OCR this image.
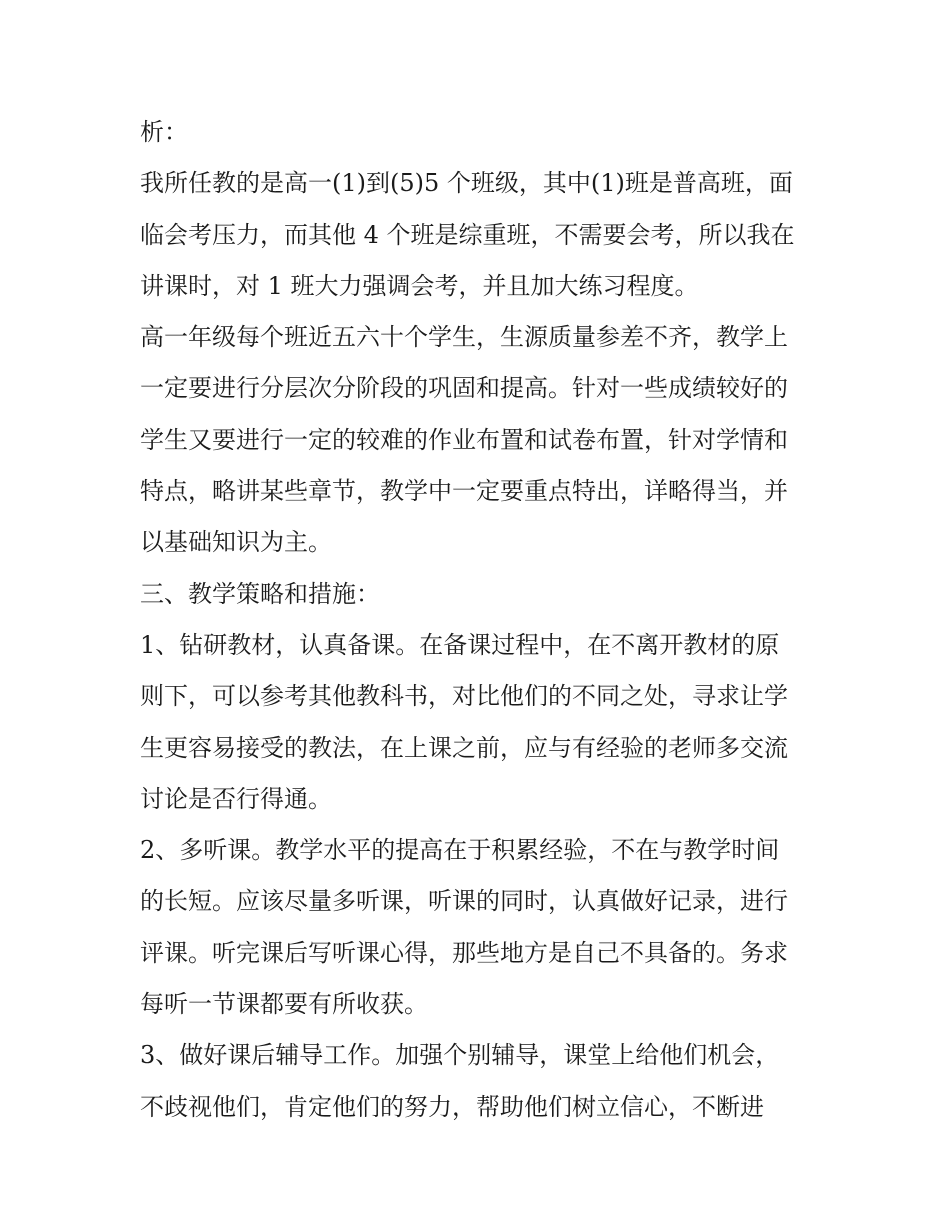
析：
我所任教的是高一(1)到(5)5 个班级，其中(1)班是普高班，面
临会考压力，而其他 4 个班是综重班，不需要会考，所以我在
讲课时，对 1 班大力强调会考，并且加大练习程度。
高一年级每个班近五六十个学生，生源质量参差不齐，教学上
一定要进行分层次分阶段的巩固和提高。针对一些成绩较好的
学生又要进行一定的较难的作业布置和试卷布置，针对学情和
特点，略讲某些章节，教学中一定要重点特出，详略得当，并
以基础知识为主。
三、教学策略和措施：
1、钻研教材，认真备课。在备课过程中，在不离开教材的原
则下，可以参考其他教科书，对比他们的不同之处，寻求让学
生更容易接受的教法，在上课之前，应与有经验的老师多交流
讨论是否行得通。
2、多听课。教学水平的提高在于积累经验，不在与教学时间
的长短。应该尽量多听课，听课的同时，认真做好记录，进行
评课。听完课后写听课心得，那些地方是自己不具备的。务求
每听一节课都要有所收获。
3、做好课后辅导工作。加强个别辅导，课堂上给他们机会，
不歧视他们，肯定他们的努力，帮助他们树立信心，不断进
